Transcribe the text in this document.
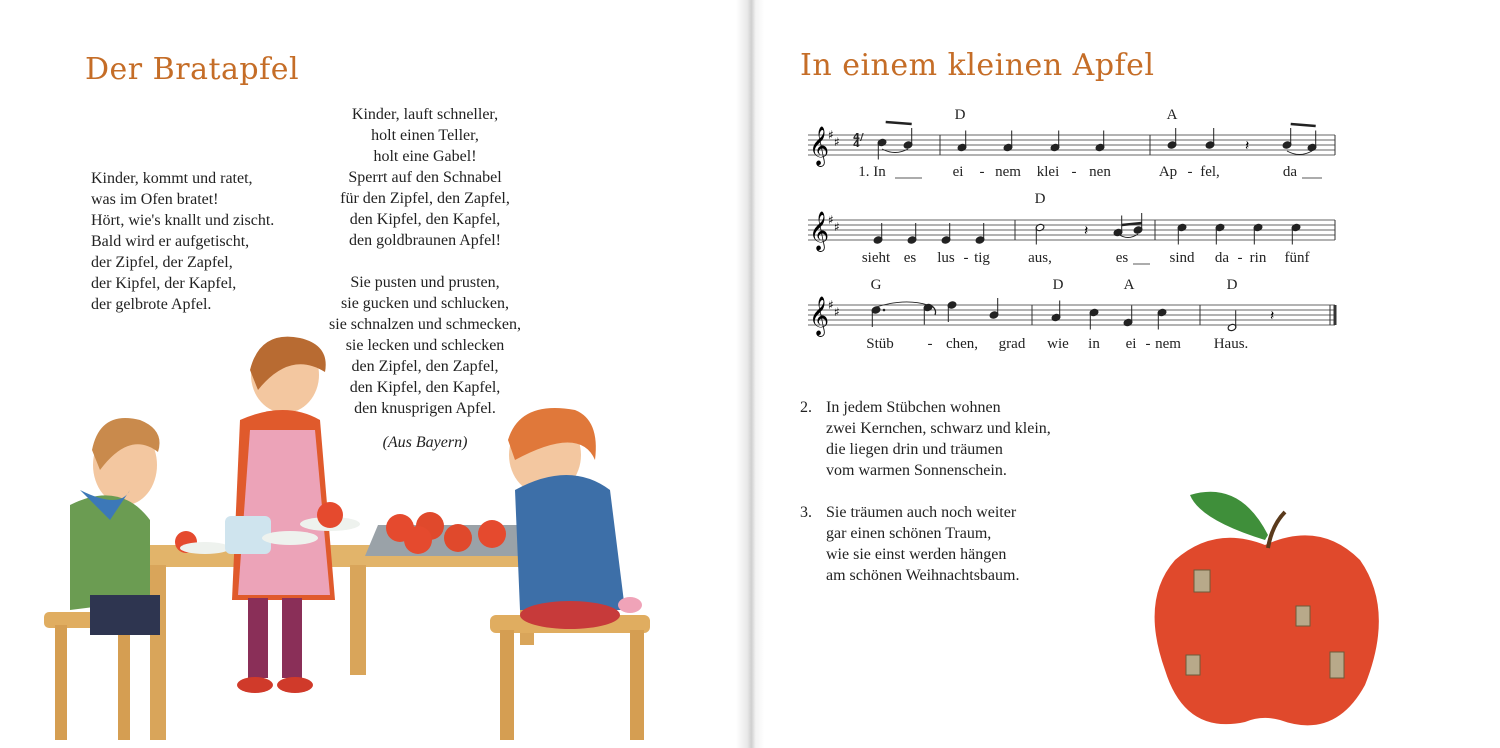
Der Bratapfel
Kinder, kommt und ratet,
was im Ofen bratet!
Hört, wie's knallt und zischt.
Bald wird er aufgetischt,
der Zipfel, der Zapfel,
der Kipfel, der Kapfel,
der gelbrote Apfel.
Kinder, lauft schneller,
holt einen Teller,
holt eine Gabel!
Sperrt auf den Schnabel
für den Zipfel, den Zapfel,
den Kipfel, den Kapfel,
den goldbraunen Apfel!
Sie pusten und prusten,
sie gucken und schlucken,
sie schnalzen und schmecken,
sie lecken und schlecken
den Zipfel, den Zapfel,
den Kipfel, den Kapfel,
den knusprigen Apfel.
(Aus Bayern)
In einem kleinen Apfel
𝄞
♯ ♯	𝄽
𝄞
♯ ♯	𝄽
𝄞
♯ ♯	𝄽
4/4
D	A
D
G	D	A	D
1. In	ei - nem klei - nen	Ap - fel,	da
sieht es lus - tig	aus,	es	sind da - rin fünf
Stüb - chen, grad wie in ei - nem Haus.
2. In jedem Stübchen wohnen
zwei Kernchen, schwarz und klein,
die liegen drin und träumen
vom warmen Sonnenschein.
3. Sie träumen auch noch weiter
gar einen schönen Traum,
wie sie einst werden hängen
am schönen Weihnachtsbaum.
